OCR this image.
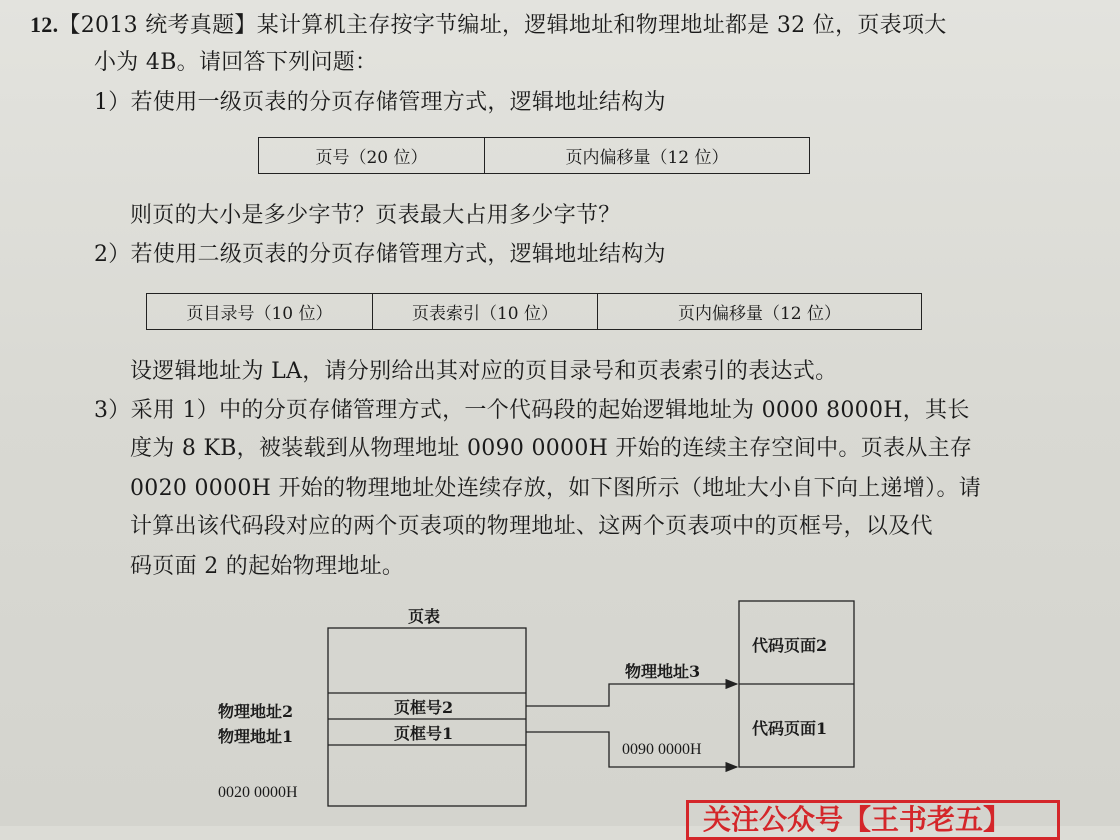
12.【2013 统考真题】某计算机主存按字节编址，逻辑地址和物理地址都是 32 位，页表项大
小为 4B。请回答下列问题：
1）若使用一级页表的分页存储管理方式，逻辑地址结构为
页号（20 位）	页内偏移量（12 位）
则页的大小是多少字节？页表最大占用多少字节？
2）若使用二级页表的分页存储管理方式，逻辑地址结构为
页目录号（10 位）	页表索引（10 位）	页内偏移量（12 位）
设逻辑地址为 LA，请分别给出其对应的页目录号和页表索引的表达式。
3）采用 1）中的分页存储管理方式，一个代码段的起始逻辑地址为 0000 8000H，其长
度为 8 KB，被装载到从物理地址 0090 0000H 开始的连续主存空间中。页表从主存
0020 0000H 开始的物理地址处连续存放，如下图所示（地址大小自下向上递增）。请
计算出该代码段对应的两个页表项的物理地址、这两个页表项中的页框号，以及代
码页面 2 的起始物理地址。
页表
页框号2
页框号1
物理地址2
物理地址1
0020 0000H
物理地址3
0090 0000H
代码页面2
代码页面1
关注公众号【王书老五】
